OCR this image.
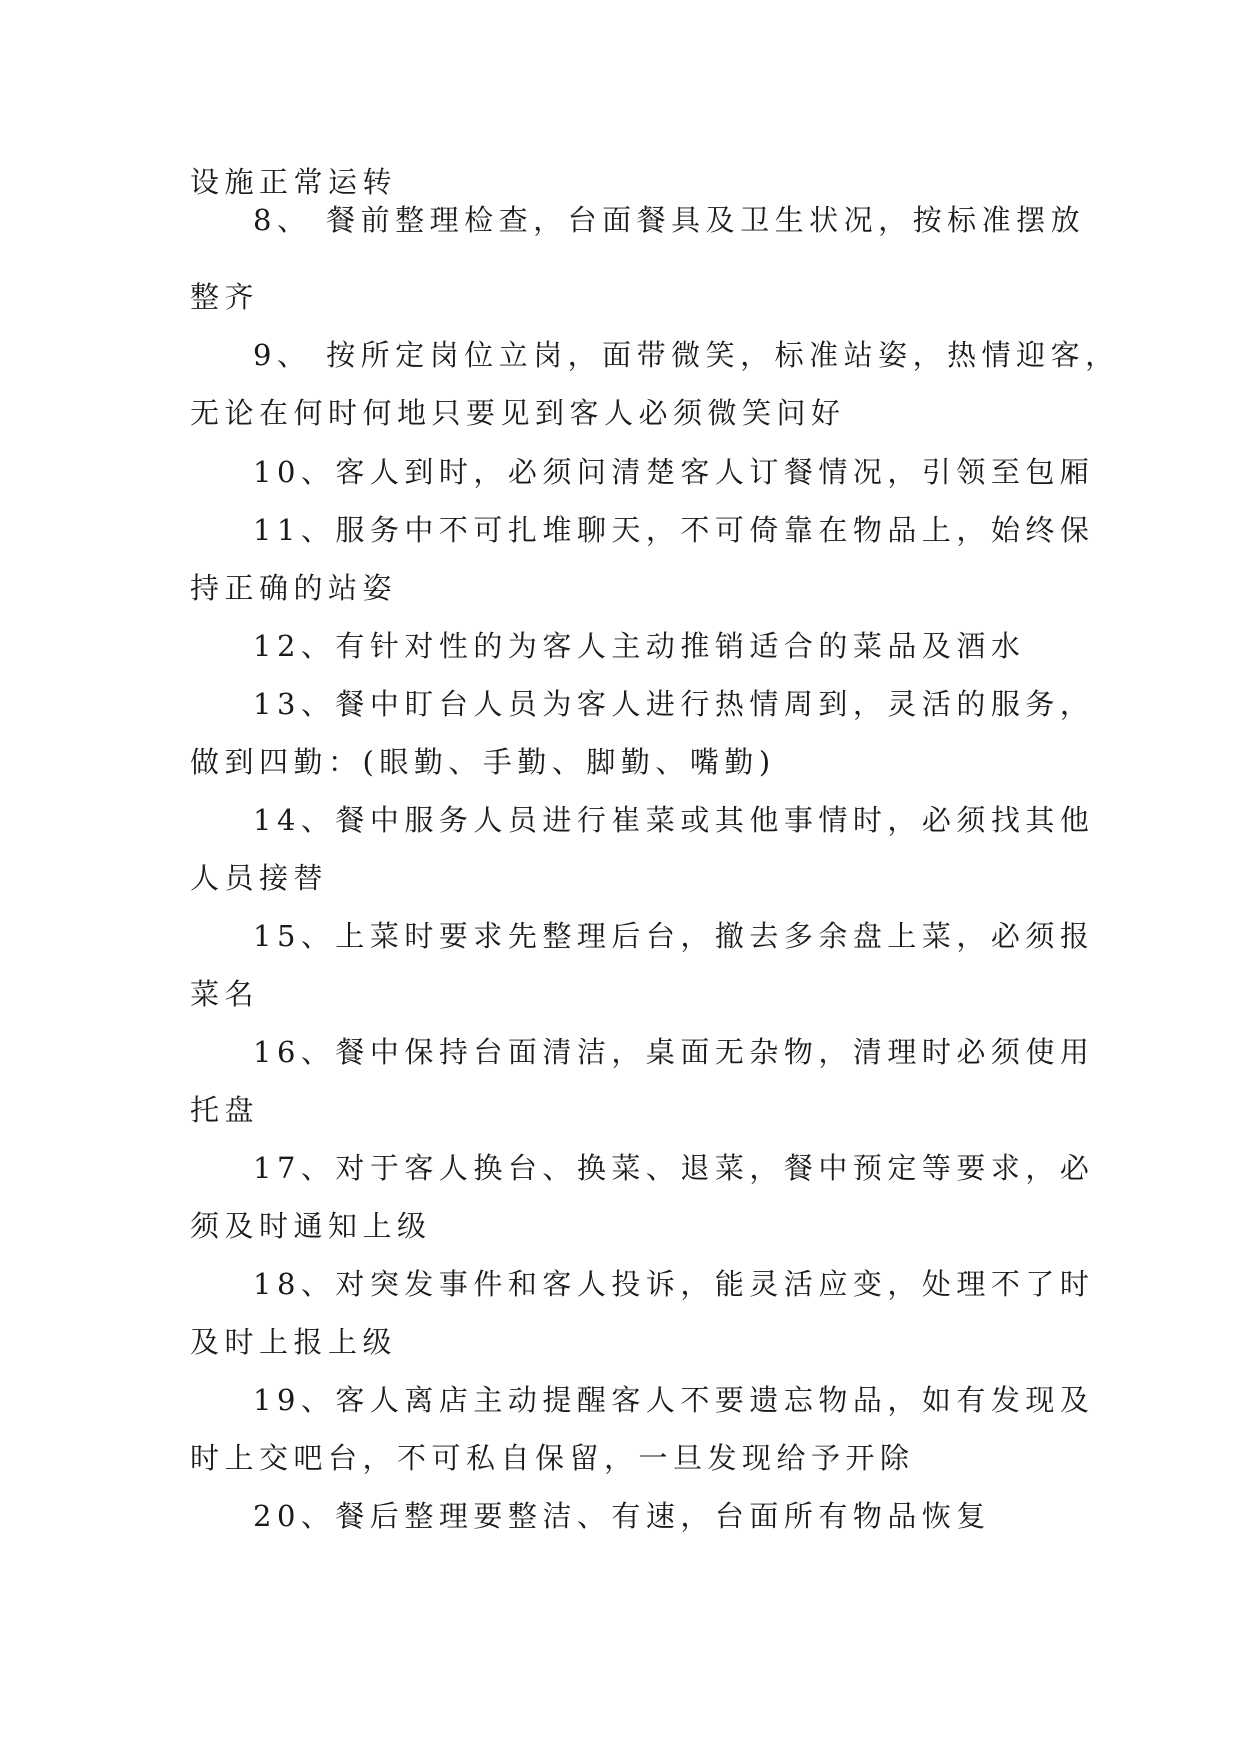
设施正常运转
8、 餐前整理检查，台面餐具及卫生状况，按标准摆放
整齐
9、 按所定岗位立岗，面带微笑，标准站姿，热情迎客，
无论在何时何地只要见到客人必须微笑问好
10、客人到时，必须问清楚客人订餐情况，引领至包厢
11、服务中不可扎堆聊天，不可倚靠在物品上，始终保
持正确的站姿
12、有针对性的为客人主动推销适合的菜品及酒水
13、餐中盯台人员为客人进行热情周到，灵活的服务，
做到四勤：(眼勤、手勤、脚勤、嘴勤)
14、餐中服务人员进行崔菜或其他事情时，必须找其他
人员接替
15、上菜时要求先整理后台，撤去多余盘上菜，必须报
菜名
16、餐中保持台面清洁，桌面无杂物，清理时必须使用
托盘
17、对于客人换台、换菜、退菜，餐中预定等要求，必
须及时通知上级
18、对突发事件和客人投诉，能灵活应变，处理不了时
及时上报上级
19、客人离店主动提醒客人不要遗忘物品，如有发现及
时上交吧台，不可私自保留，一旦发现给予开除
20、餐后整理要整洁、有速，台面所有物品恢复
